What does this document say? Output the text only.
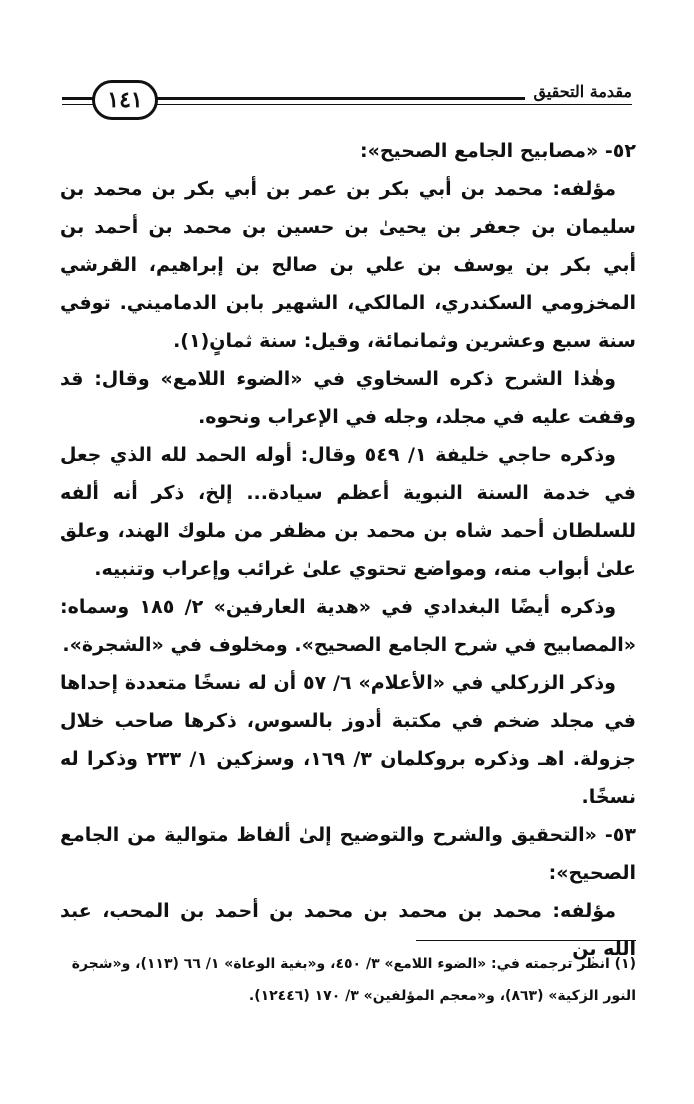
مقدمة التحقيق
١٤١

٥٢- «مصابيح الجامع الصحيح»:

مؤلفه: محمد بن أبي بكر بن عمر بن أبي بكر بن محمد بن سليمان بن جعفر بن يحيىٰ بن حسين بن محمد بن أحمد بن أبي بكر بن يوسف بن علي بن صالح بن إبراهيم، القرشي المخزومي السكندري، المالكي، الشهير بابن الدماميني. توفي سنة سبع وعشرين وثمانمائة، وقيل: سنة ثمانٍ(١).

وهٰذا الشرح ذكره السخاوي في «الضوء اللامع» وقال: قد وقفت عليه في مجلد، وجله في الإعراب ونحوه.

وذكره حاجي خليفة ١/ ٥٤٩ وقال: أوله الحمد لله الذي جعل في خدمة السنة النبوية أعظم سيادة... إلخ، ذكر أنه ألفه للسلطان أحمد شاه بن محمد بن مظفر من ملوك الهند، وعلق علىٰ أبواب منه، ومواضع تحتوي علىٰ غرائب وإعراب وتنبيه.

وذكره أيضًا البغدادي في «هدية العارفين» ٢/ ١٨٥ وسماه: «المصابيح في شرح الجامع الصحيح». ومخلوف في «الشجرة».

وذكر الزركلي في «الأعلام» ٦/ ٥٧ أن له نسخًا متعددة إحداها في مجلد ضخم في مكتبة أدوز بالسوس، ذكرها صاحب خلال جزولة. اهـ وذكره بروكلمان ٣/ ١٦٩، وسزكين ١/ ٢٣٣ وذكرا له نسخًا.

٥٣- «التحقيق والشرح والتوضيح إلىٰ ألفاظ متوالية من الجامع الصحيح»:

مؤلفه: محمد بن محمد بن محمد بن أحمد بن المحب، عبد الله بن

(١) انظر ترجمته في: «الضوء اللامع» ٣/ ٤٥٠، و«بغية الوعاة» ١/ ٦٦ (١١٣)، و«شجرة النور الزكية» (٨٦٣)، و«معجم المؤلفين» ٣/ ١٧٠ (١٢٤٤٦).
